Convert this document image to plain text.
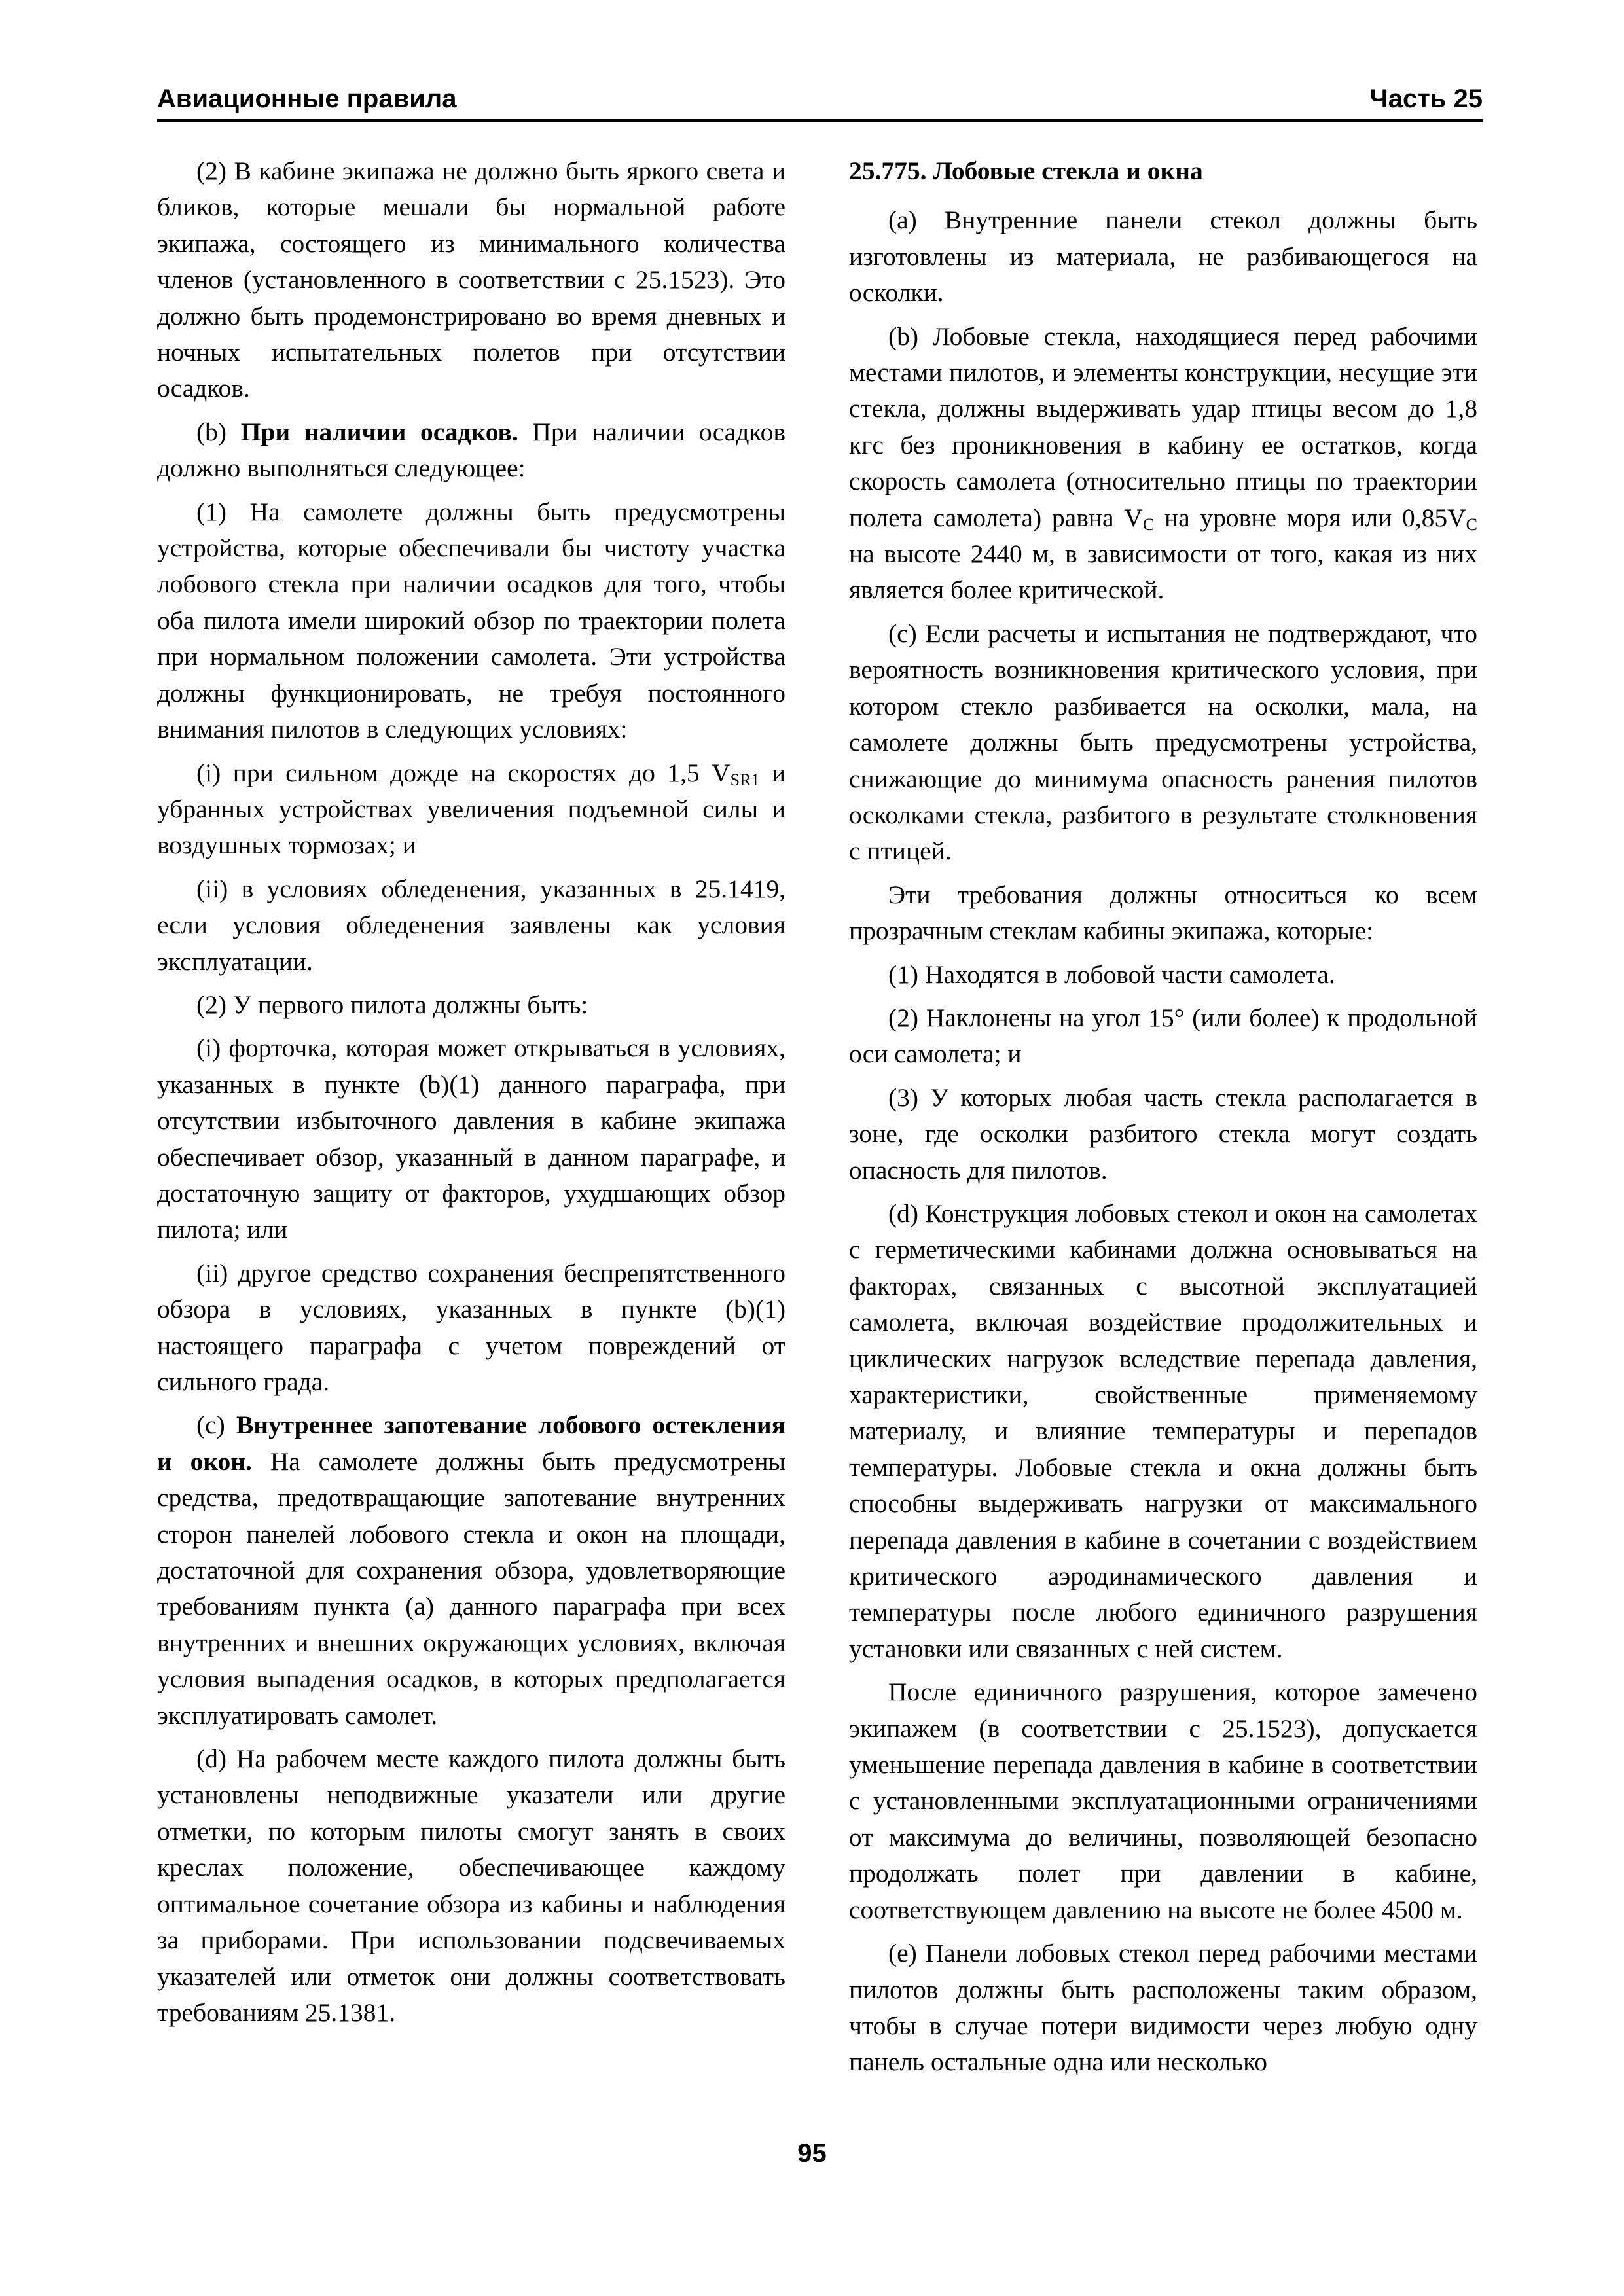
Авиационные правила	Часть 25

(2) В кабине экипажа не должно быть яркого света и бликов, которые мешали бы нормальной работе экипажа, состоящего из минимального количества членов (установленного в соответствии с 25.1523). Это должно быть продемонстрировано во время дневных и ночных испытательных полетов при отсутствии осадков.

(b) При наличии осадков. При наличии осадков должно выполняться следующее:

(1) На самолете должны быть предусмотрены устройства, которые обеспечивали бы чистоту участка лобового стекла при наличии осадков для того, чтобы оба пилота имели широкий обзор по траектории полета при нормальном положении самолета. Эти устройства должны функционировать, не требуя постоянного внимания пилотов в следующих условиях:

(i) при сильном дожде на скоростях до 1,5 $V_{SR1}$ и убранных устройствах увеличения подъемной силы и воздушных тормозах; и

(ii) в условиях обледенения, указанных в 25.1419, если условия обледенения заявлены как условия эксплуатации.

(2) У первого пилота должны быть:

(i) форточка, которая может открываться в условиях, указанных в пункте (b)(1) данного параграфа, при отсутствии избыточного давления в кабине экипажа обеспечивает обзор, указанный в данном параграфе, и достаточную защиту от факторов, ухудшающих обзор пилота; или

(ii) другое средство сохранения беспрепятственного обзора в условиях, указанных в пункте (b)(1) настоящего параграфа с учетом повреждений от сильного града.

(c) Внутреннее запотевание лобового остекления и окон. На самолете должны быть предусмотрены средства, предотвращающие запотевание внутренних сторон панелей лобового стекла и окон на площади, достаточной для сохранения обзора, удовлетворяющие требованиям пункта (a) данного параграфа при всех внутренних и внешних окружающих условиях, включая условия выпадения осадков, в которых предполагается эксплуатировать самолет.

(d) На рабочем месте каждого пилота должны быть установлены неподвижные указатели или другие отметки, по которым пилоты смогут занять в своих креслах положение, обеспечивающее каждому оптимальное сочетание обзора из кабины и наблюдения за приборами. При использовании подсвечиваемых указателей или отметок они должны соответствовать требованиям 25.1381.

25.775. Лобовые стекла и окна

(a) Внутренние панели стекол должны быть изготовлены из материала, не разбивающегося на осколки.

(b) Лобовые стекла, находящиеся перед рабочими местами пилотов, и элементы конструкции, несущие эти стекла, должны выдерживать удар птицы весом до 1,8 кгс без проникновения в кабину ее остатков, когда скорость самолета (относительно птицы по траектории полета самолета) равна $V_C$ на уровне моря или $0,85V_C$ на высоте 2440 м, в зависимости от того, какая из них является более критической.

(c) Если расчеты и испытания не подтверждают, что вероятность возникновения критического условия, при котором стекло разбивается на осколки, мала, на самолете должны быть предусмотрены устройства, снижающие до минимума опасность ранения пилотов осколками стекла, разбитого в результате столкновения с птицей.

Эти требования должны относиться ко всем прозрачным стеклам кабины экипажа, которые:

(1) Находятся в лобовой части самолета.

(2) Наклонены на угол 15° (или более) к продольной оси самолета; и

(3) У которых любая часть стекла располагается в зоне, где осколки разбитого стекла могут создать опасность для пилотов.

(d) Конструкция лобовых стекол и окон на самолетах с герметическими кабинами должна основываться на факторах, связанных с высотной эксплуатацией самолета, включая воздействие продолжительных и циклических нагрузок вследствие перепада давления, характеристики, свойственные применяемому материалу, и влияние температуры и перепадов температуры. Лобовые стекла и окна должны быть способны выдерживать нагрузки от максимального перепада давления в кабине в сочетании с воздействием критического аэродинамического давления и температуры после любого единичного разрушения установки или связанных с ней систем.

После единичного разрушения, которое замечено экипажем (в соответствии с 25.1523), допускается уменьшение перепада давления в кабине в соответствии с установленными эксплуатационными ограничениями от максимума до величины, позволяющей безопасно продолжать полет при давлении в кабине, соответствующем давлению на высоте не более 4500 м.

(e) Панели лобовых стекол перед рабочими местами пилотов должны быть расположены таким образом, чтобы в случае потери видимости через любую одну панель остальные одна или несколько

95
